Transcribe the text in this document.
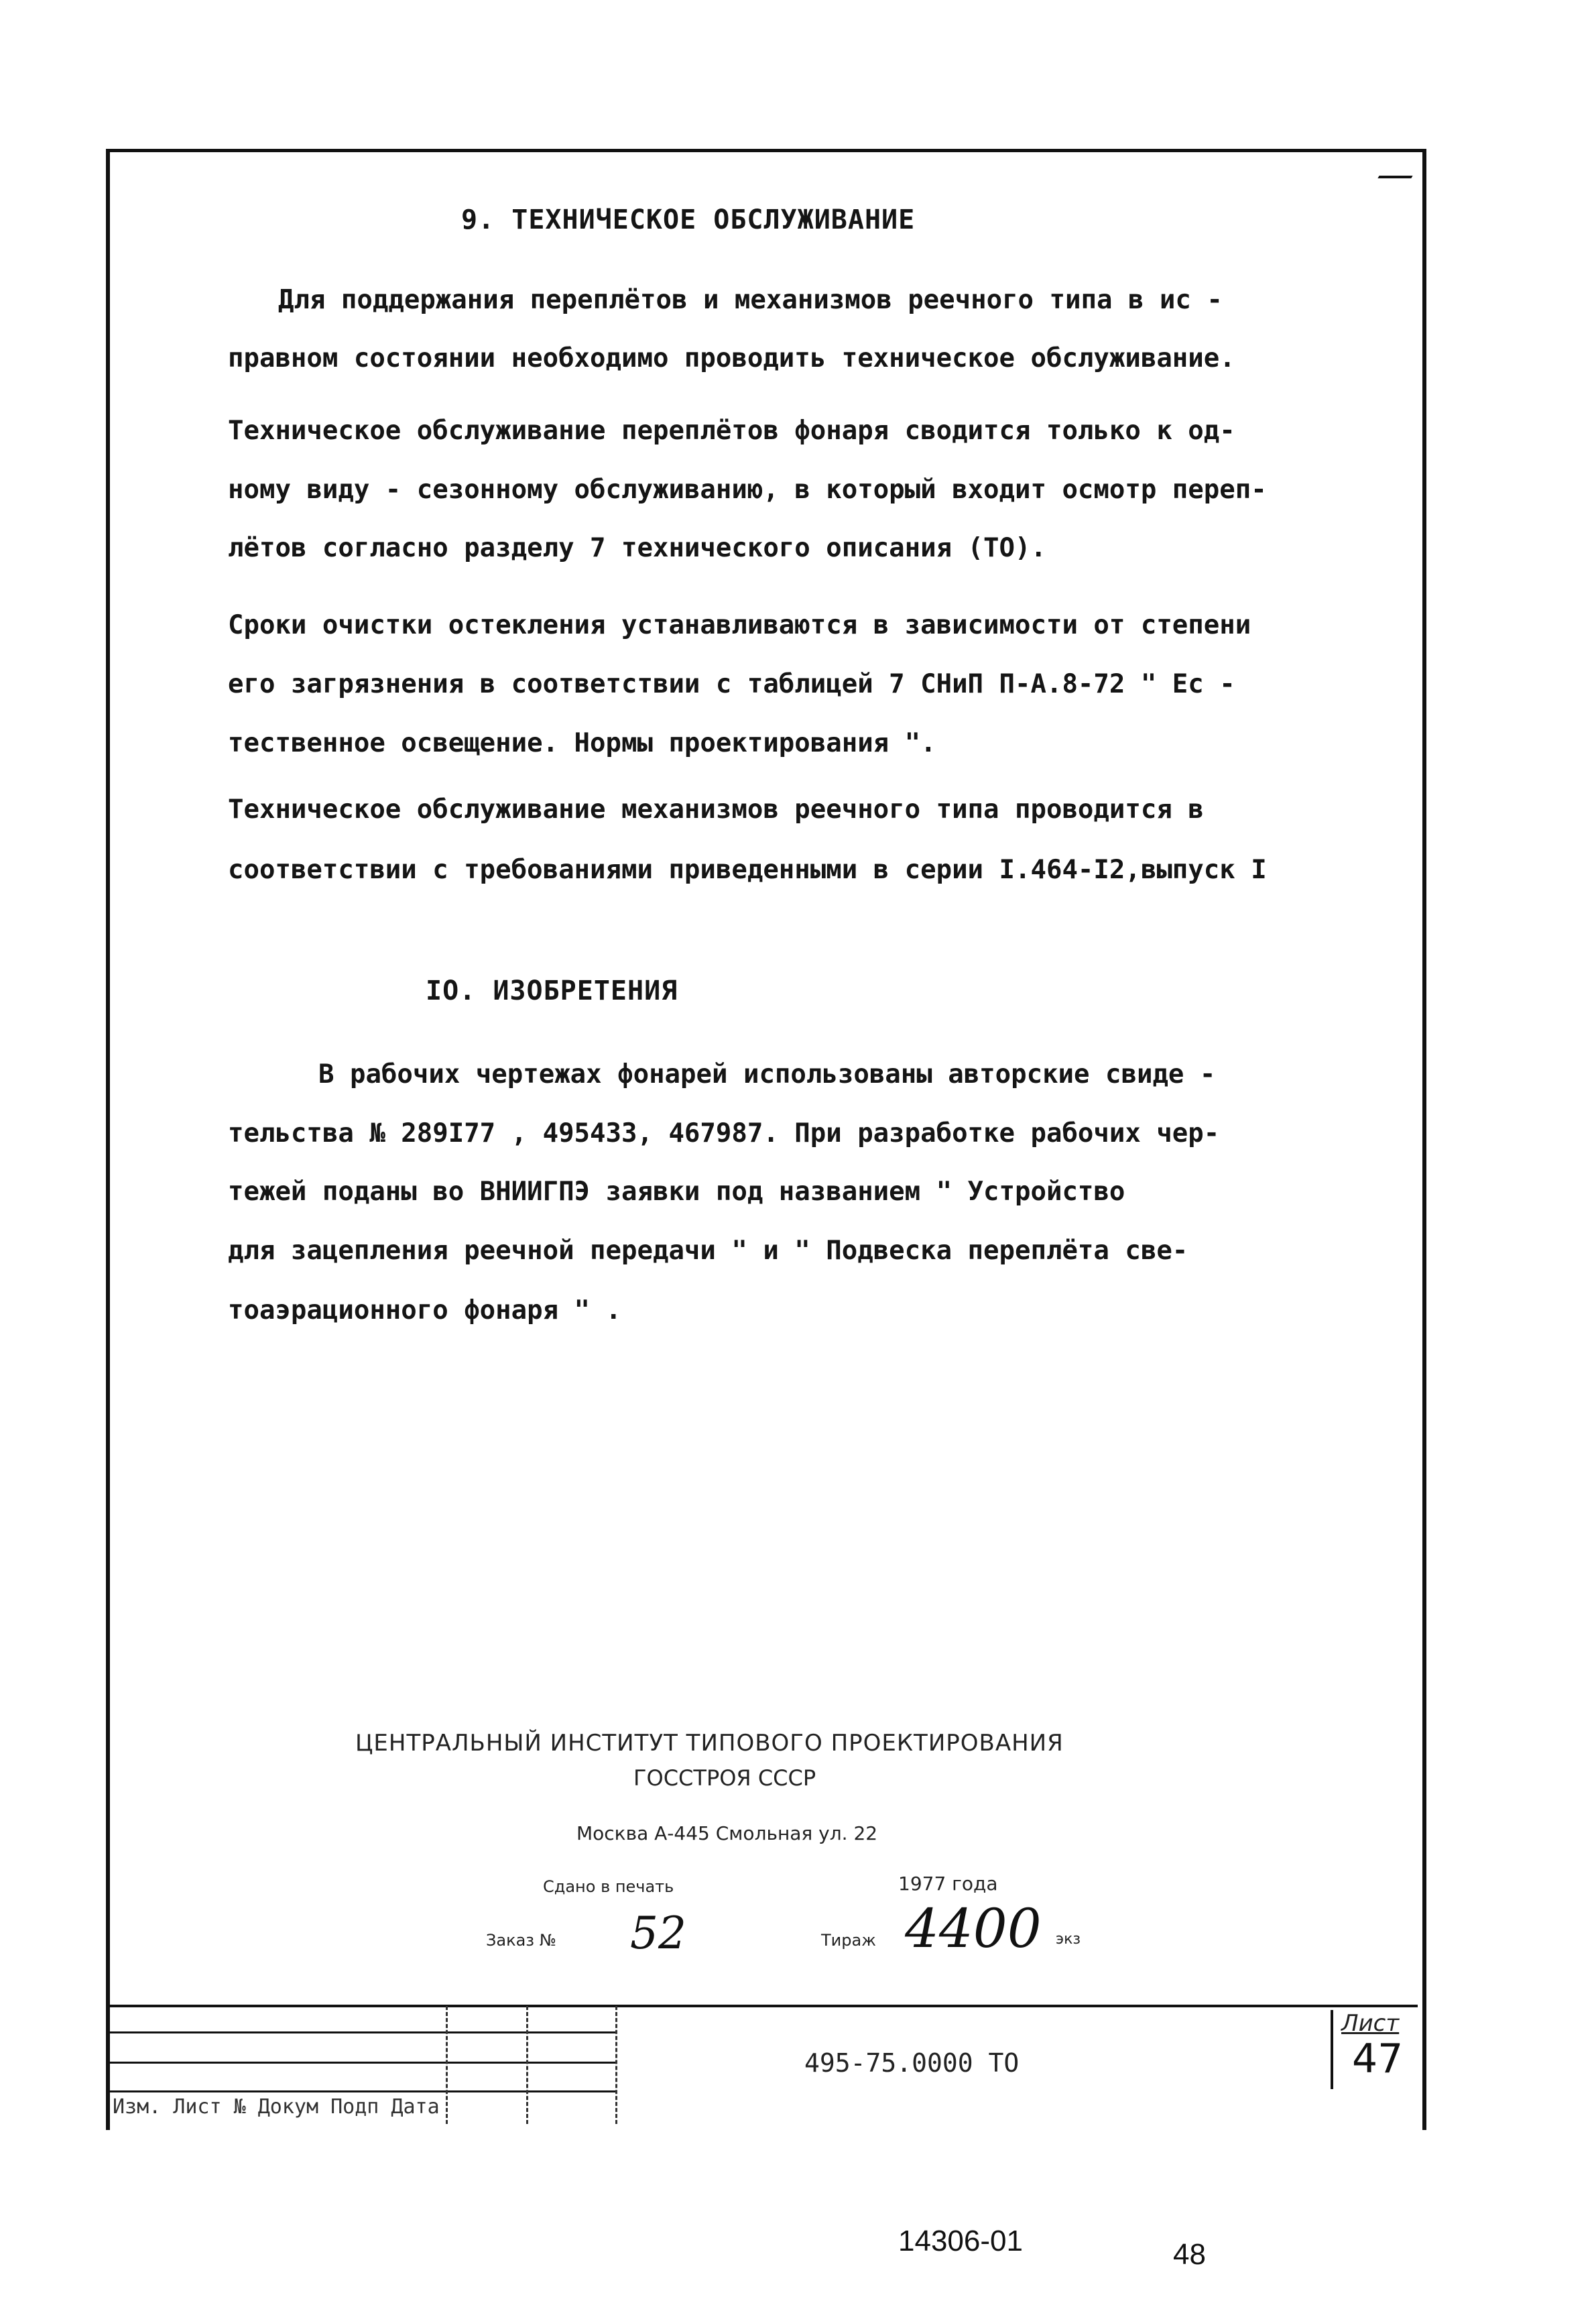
9. ТЕХНИЧЕСКОЕ ОБСЛУЖИВАНИЕ
Для поддержания переплётов и механизмов реечного типа в ис -
правном состоянии необходимо проводить техническое обслуживание.
Техническое обслуживание переплётов фонаря сводится только к од-
ному виду - сезонному обслуживанию, в который входит осмотр переп-
лётов согласно разделу 7 технического описания (ТО).
Сроки очистки остекления устанавливаются в зависимости от степени
его загрязнения в соответствии с таблицей 7 СНиП П-А.8-72 " Ес -
тественное освещение. Нормы проектирования ".
Техническое обслуживание механизмов реечного типа проводится в
соответствии с требованиями приведенными в серии I.464-I2,выпуск I
IO. ИЗОБРЕТЕНИЯ
В рабочих чертежах фонарей использованы авторские свиде -
тельства № 289I77 , 495433, 467987. При разработке рабочих чер-
тежей поданы во ВНИИГПЭ заявки под названием " Устройство
для зацепления реечной передачи " и " Подвеска переплёта све-
тоаэрационного фонаря " .
ЦЕНТРАЛЬНЫЙ ИНСТИТУТ ТИПОВОГО ПРОЕКТИРОВАНИЯ
ГОССТРОЯ СССР
Москва А-445 Смольная ул. 22
Сдано в печать	1977 года
Заказ № 52	Тираж 4400 экз
Изм. Лист № Докум Подп Дата
495-75.0000 ТО
Лист
47
14306-01	48
